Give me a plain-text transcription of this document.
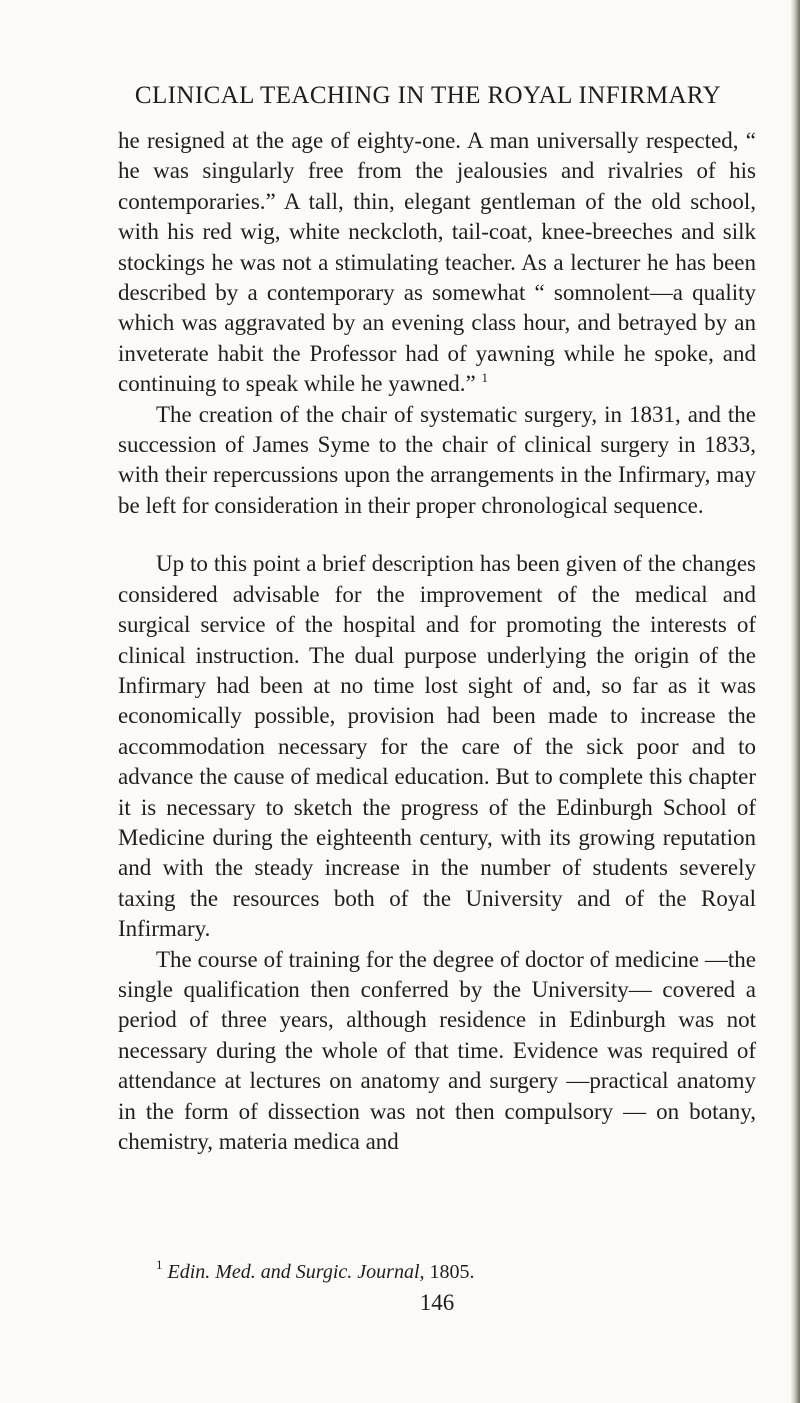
CLINICAL TEACHING IN THE ROYAL INFIRMARY

he resigned at the age of eighty-one. A man universally respected, “ he was singularly free from the jealousies and rivalries of his contemporaries.” A tall, thin, elegant gentleman of the old school, with his red wig, white neckcloth, tail-coat, knee-breeches and silk stockings he was not a stimulating teacher. As a lecturer he has been described by a contemporary as somewhat “ somnolent—a quality which was aggravated by an evening class hour, and betrayed by an inveterate habit the Professor had of yawning while he spoke, and continuing to speak while he yawned.” $^1$

The creation of the chair of systematic surgery, in 1831, and the succession of James Syme to the chair of clinical surgery in 1833, with their repercussions upon the arrangements in the Infirmary, may be left for consideration in their proper chronological sequence.

Up to this point a brief description has been given of the changes considered advisable for the improvement of the medical and surgical service of the hospital and for promoting the interests of clinical instruction. The dual purpose underlying the origin of the Infirmary had been at no time lost sight of and, so far as it was economically possible, provision had been made to increase the accommodation necessary for the care of the sick poor and to advance the cause of medical education. But to complete this chapter it is necessary to sketch the progress of the Edinburgh School of Medicine during the eighteenth century, with its growing reputation and with the steady increase in the number of students severely taxing the resources both of the University and of the Royal Infirmary.

The course of training for the degree of doctor of medicine —the single qualification then conferred by the University— covered a period of three years, although residence in Edinburgh was not necessary during the whole of that time. Evidence was required of attendance at lectures on anatomy and surgery —practical anatomy in the form of dissection was not then compulsory — on botany, chemistry, materia medica and

$^1$ Edin. Med. and Surgic. Journal, 1805.
146
